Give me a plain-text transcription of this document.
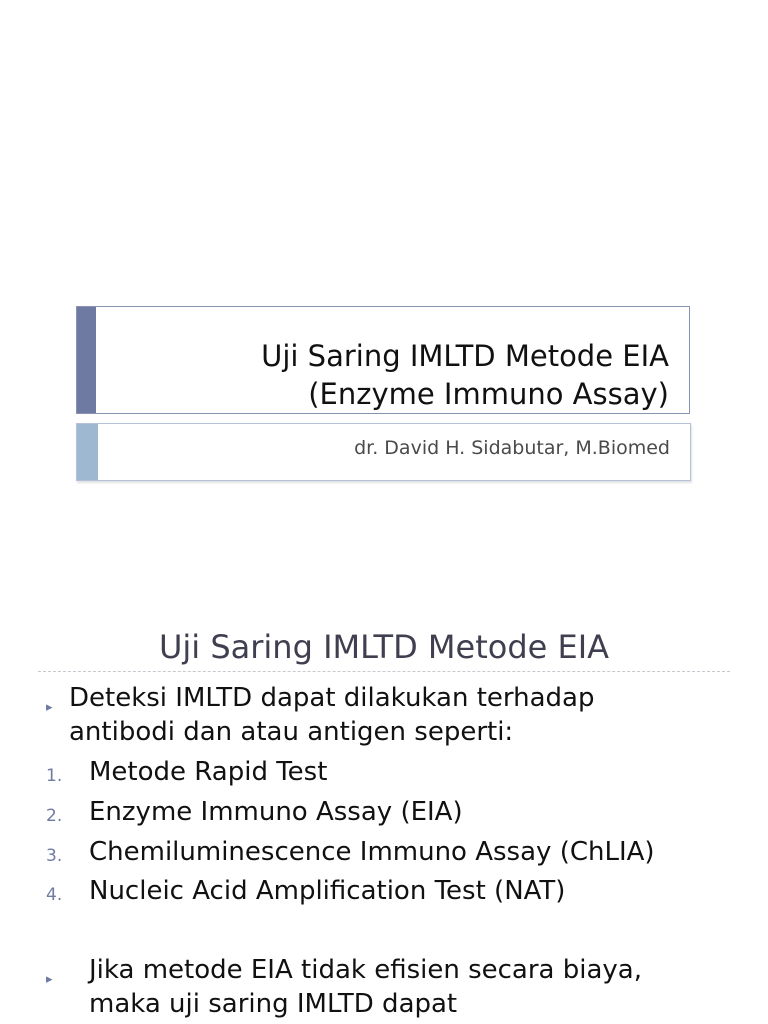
Uji Saring IMLTD Metode EIA
(Enzyme Immuno Assay)
dr. David H. Sidabutar, M.Biomed
Uji Saring IMLTD Metode EIA
▸ Deteksi IMLTD dapat dilakukan terhadap
antibodi dan atau antigen seperti:
1. Metode Rapid Test
2. Enzyme Immuno Assay (EIA)
3. Chemiluminescence Immuno Assay (ChLIA)
4. Nucleic Acid Amplification Test (NAT)
▸ Jika metode EIA tidak efisien secara biaya,
maka uji saring IMLTD dapat
